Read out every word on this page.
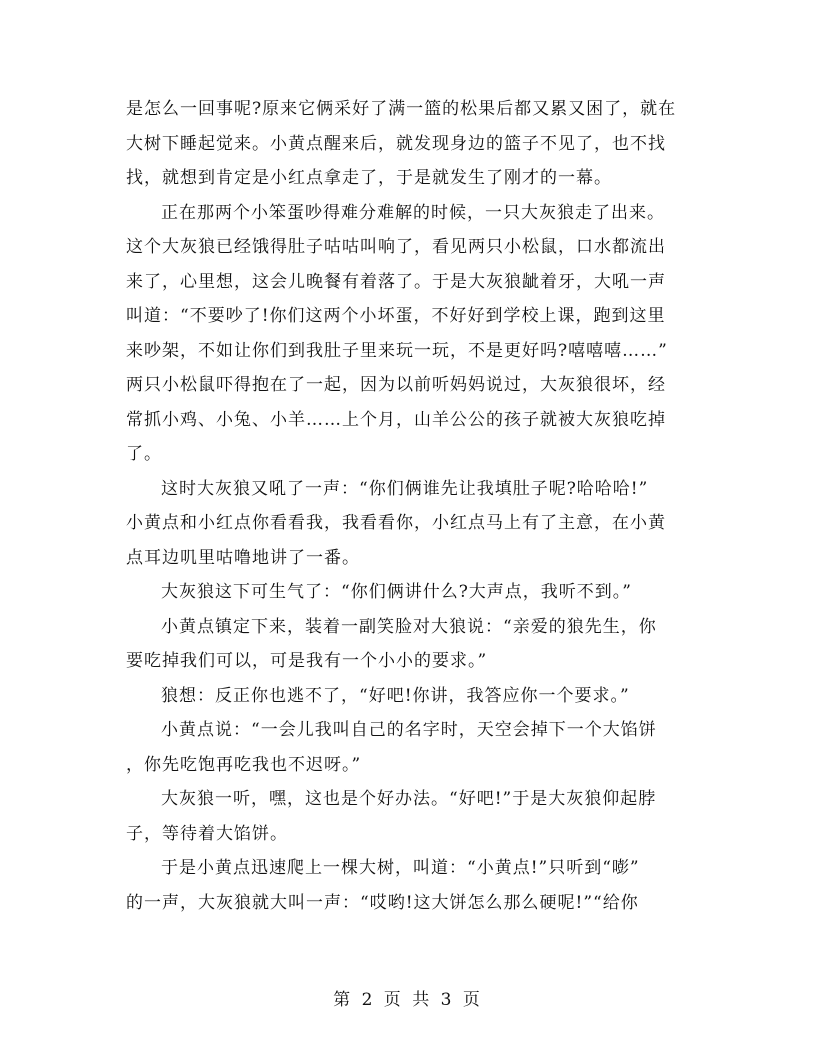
是怎么一回事呢?原来它俩采好了满一篮的松果后都又累又困了，就在
大树下睡起觉来。小黄点醒来后，就发现身边的篮子不见了，也不找
找，就想到肯定是小红点拿走了，于是就发生了刚才的一幕。
正在那两个小笨蛋吵得难分难解的时候，一只大灰狼走了出来。
这个大灰狼已经饿得肚子咕咕叫响了，看见两只小松鼠，口水都流出
来了，心里想，这会儿晚餐有着落了。于是大灰狼龇着牙，大吼一声
叫道：“不要吵了!你们这两个小坏蛋，不好好到学校上课，跑到这里
来吵架，不如让你们到我肚子里来玩一玩，不是更好吗?嘻嘻嘻……”
两只小松鼠吓得抱在了一起，因为以前听妈妈说过，大灰狼很坏，经
常抓小鸡、小兔、小羊……上个月，山羊公公的孩子就被大灰狼吃掉
了。
这时大灰狼又吼了一声：“你们俩谁先让我填肚子呢?哈哈哈!”
小黄点和小红点你看看我，我看看你，小红点马上有了主意，在小黄
点耳边叽里咕噜地讲了一番。
大灰狼这下可生气了：“你们俩讲什么?大声点，我听不到。”
小黄点镇定下来，装着一副笑脸对大狼说：“亲爱的狼先生，你
要吃掉我们可以，可是我有一个小小的要求。”
狼想：反正你也逃不了，“好吧!你讲，我答应你一个要求。”
小黄点说：“一会儿我叫自己的名字时，天空会掉下一个大馅饼
，你先吃饱再吃我也不迟呀。”
大灰狼一听，嘿，这也是个好办法。“好吧!”于是大灰狼仰起脖
子，等待着大馅饼。
于是小黄点迅速爬上一棵大树，叫道：“小黄点!”只听到“嘭”
的一声，大灰狼就大叫一声：“哎哟!这大饼怎么那么硬呢!”“给你
第 2 页 共 3 页
